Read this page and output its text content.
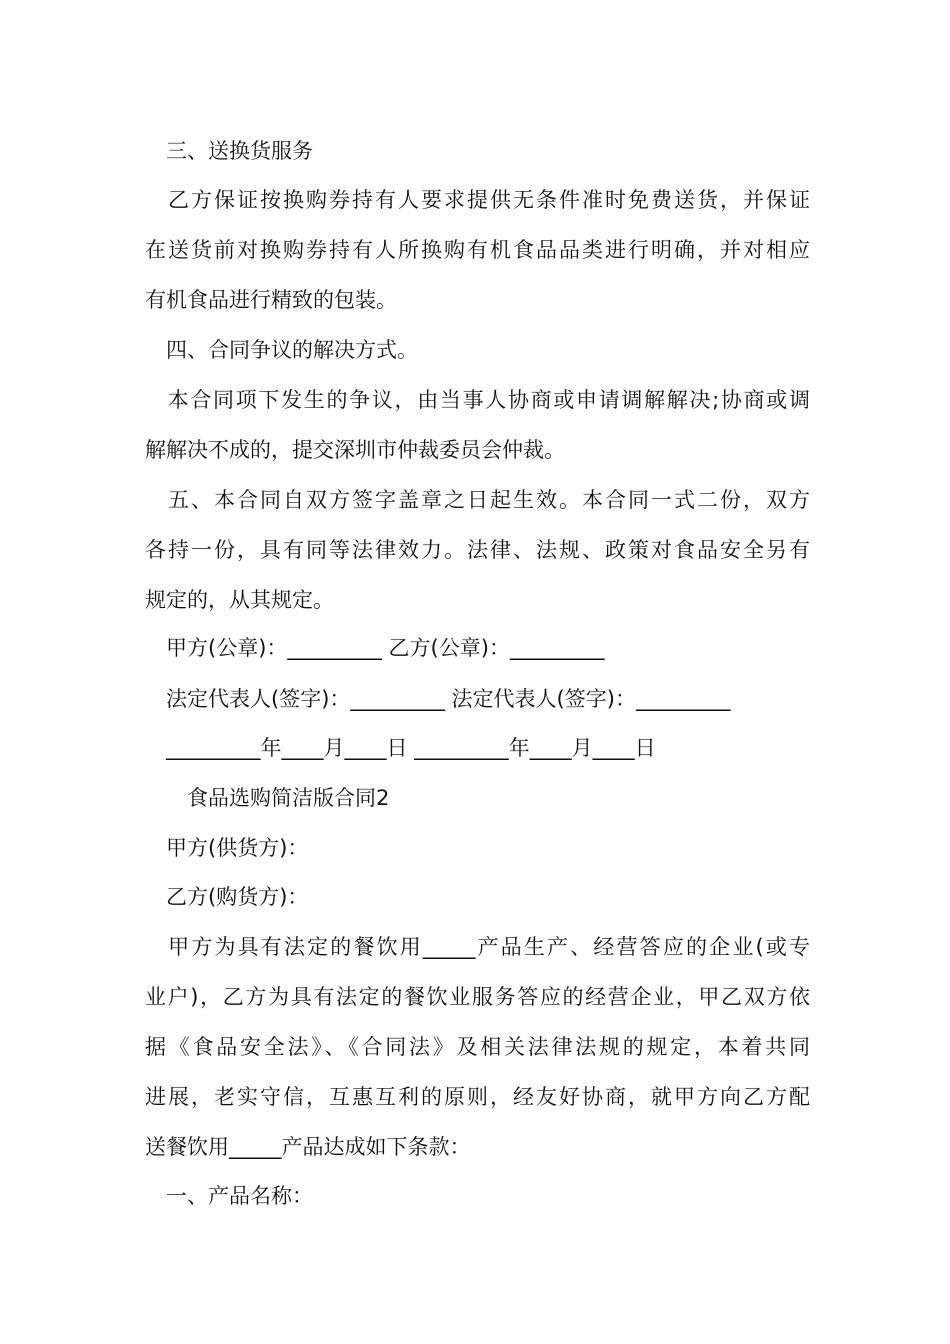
　三、送换货服务
　乙方保证按换购券持有人要求提供无条件准时免费送货，并保证
在送货前对换购券持有人所换购有机食品品类进行明确，并对相应
有机食品进行精致的包装。
　四、合同争议的解决方式。
　本合同项下发生的争议，由当事人协商或申请调解解决;协商或调
解解决不成的，提交深圳市仲裁委员会仲裁。
　五、本合同自双方签字盖章之日起生效。本合同一式二份，双方
各持一份，具有同等法律效力。法律、法规、政策对食品安全另有
规定的，从其规定。
　甲方(公章)：_________ 乙方(公章)：_________
　法定代表人(签字)：_________ 法定代表人(签字)：_________
　_________年____月____日 _________年____月____日
　　食品选购简洁版合同2
　甲方(供货方)：
　乙方(购货方)：
　甲方为具有法定的餐饮用_____产品生产、经营答应的企业(或专
业户)，乙方为具有法定的餐饮业服务答应的经营企业，甲乙双方依
据《食品安全法》、《合同法》及相关法律法规的规定，本着共同
进展，老实守信，互惠互利的原则，经友好协商，就甲方向乙方配
送餐饮用_____产品达成如下条款：
　一、产品名称：
